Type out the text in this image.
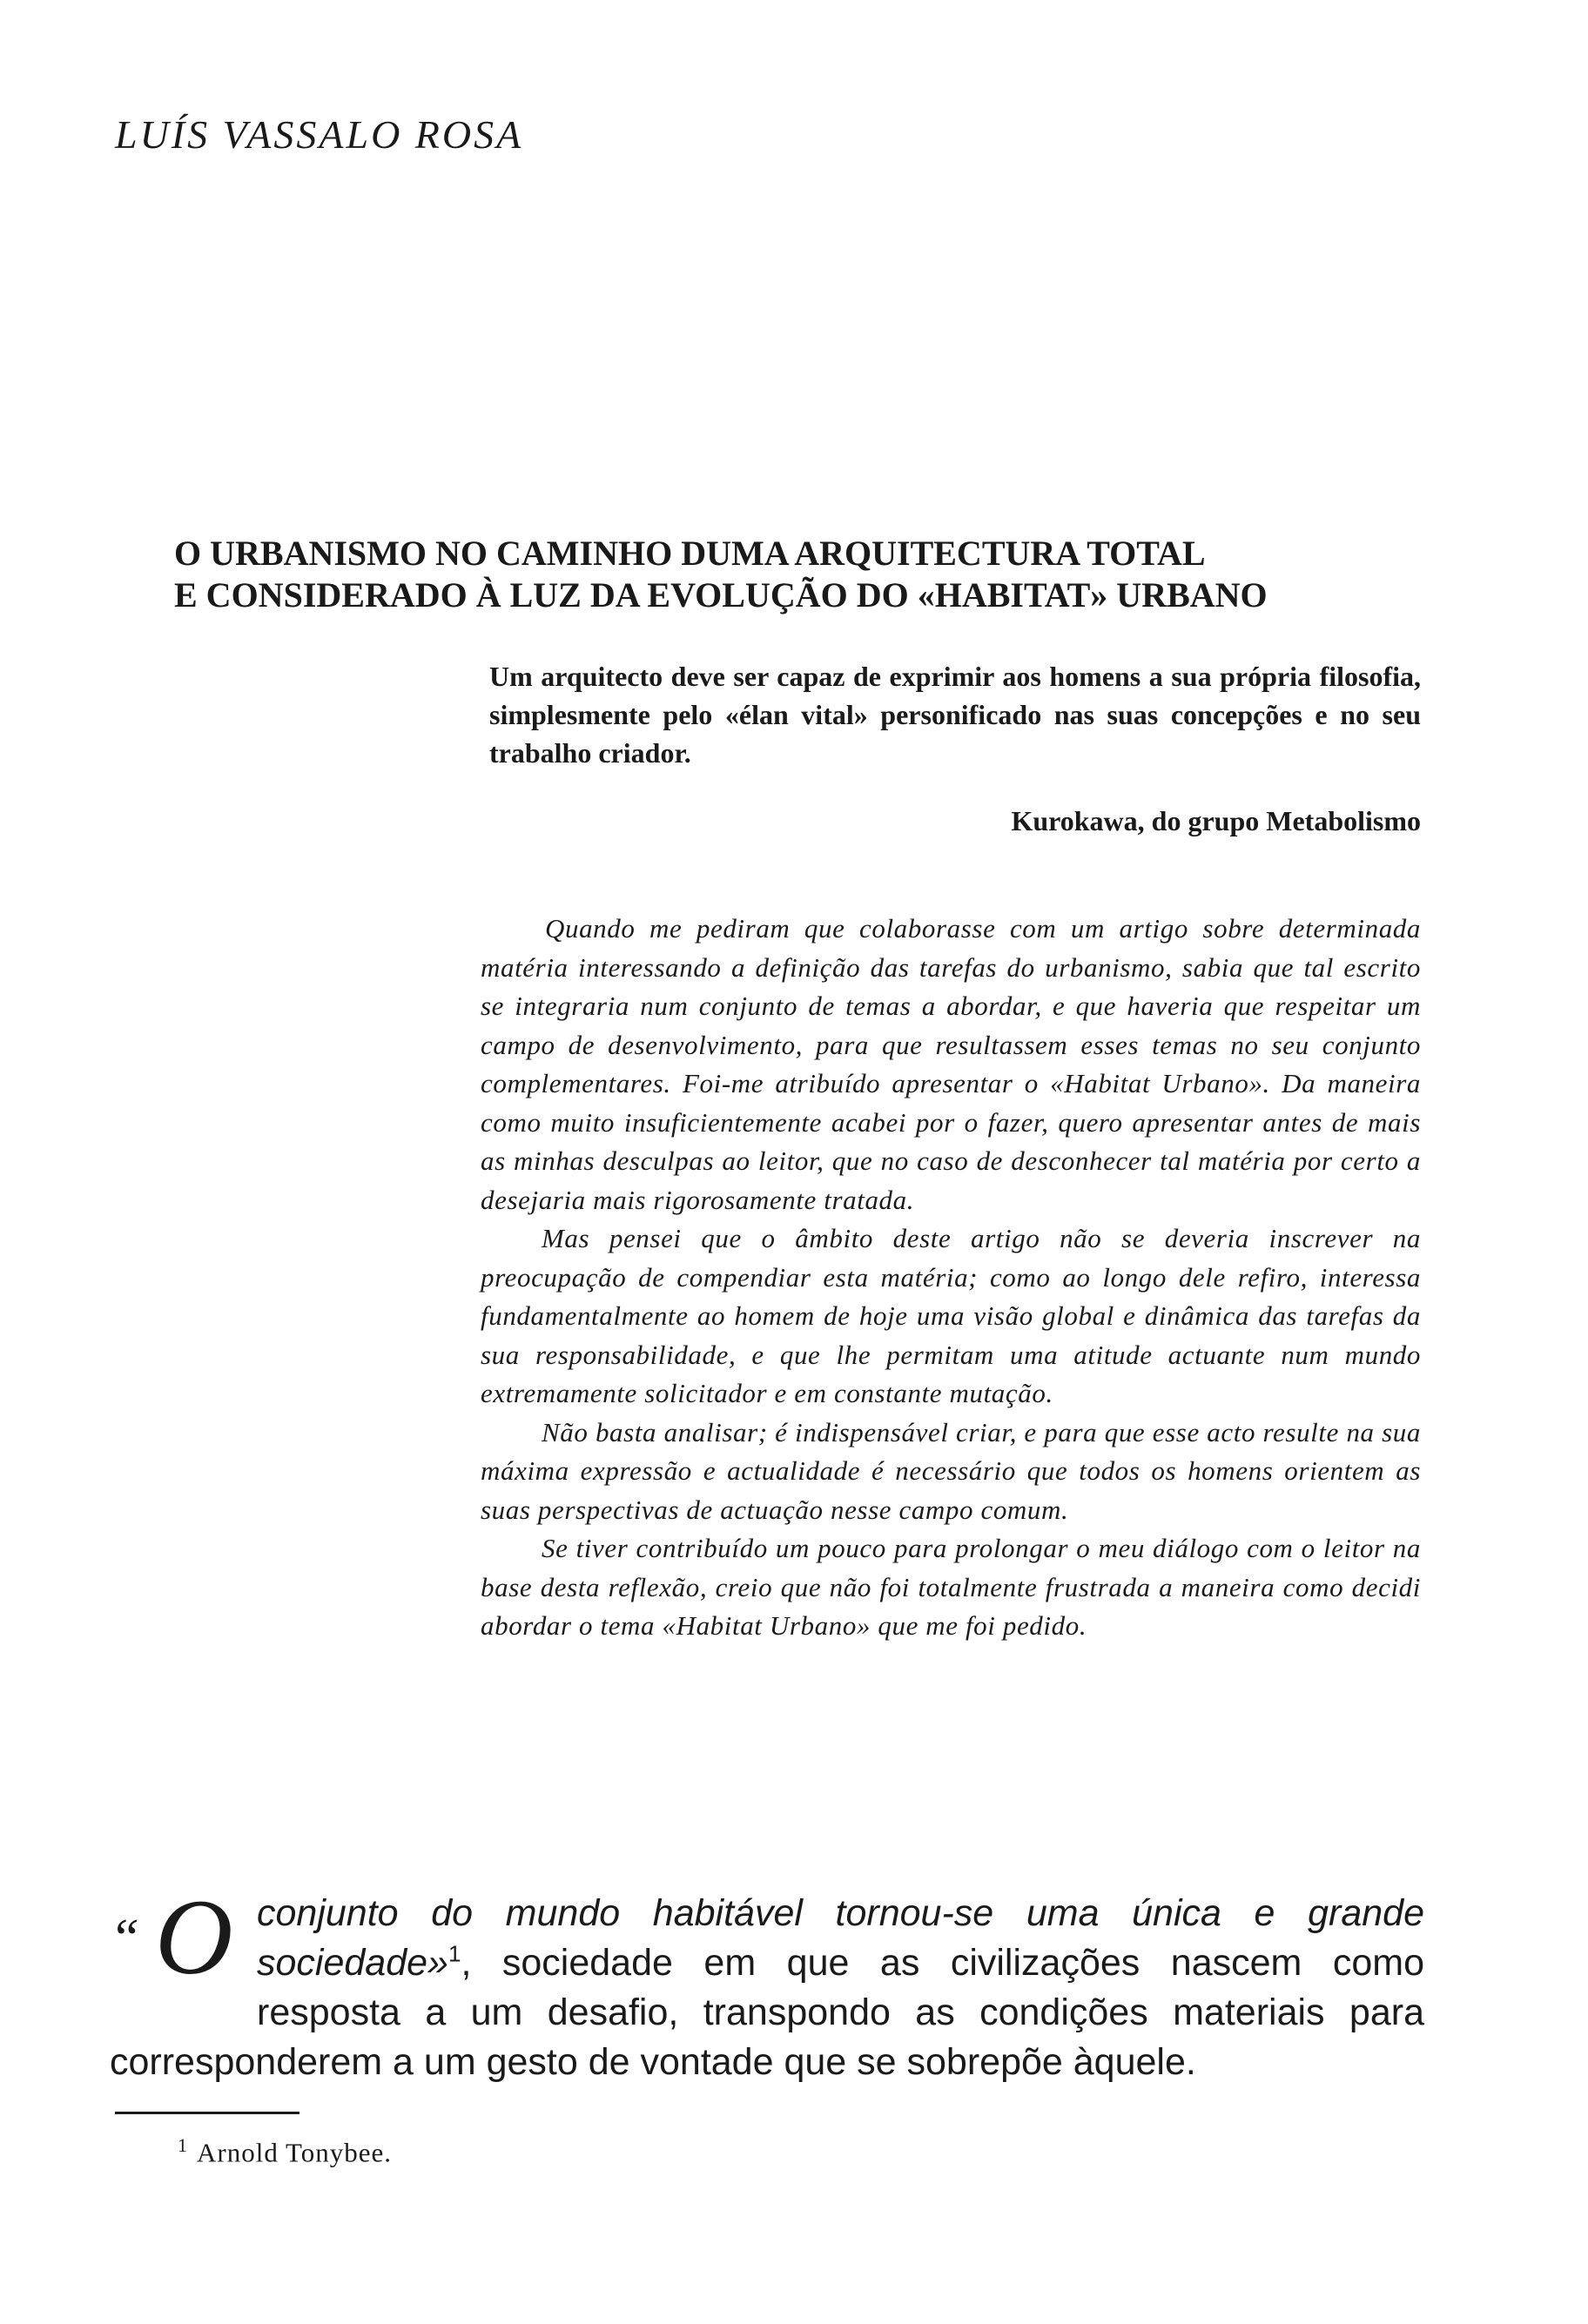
LUÍS VASSALO ROSA
O URBANISMO NO CAMINHO DUMA ARQUITECTURA TOTAL
E CONSIDERADO À LUZ DA EVOLUÇÃO DO «HABITAT» URBANO
Um arquitecto deve ser capaz de exprimir aos homens a sua própria filosofia, simplesmente pelo «élan vital» personificado nas suas concepções e no seu trabalho criador.
Kurokawa, do grupo Metabolismo

Quando me pediram que colaborasse com um artigo sobre determinada matéria interessando a definição das tarefas do urbanismo, sabia que tal escrito se integraria num conjunto de temas a abordar, e que haveria que respeitar um campo de desenvolvimento, para que resultassem esses temas no seu conjunto complementares. Foi-me atribuído apresentar o «Habitat Urbano». Da maneira como muito insuficientemente acabei por o fazer, quero apresentar antes de mais as minhas desculpas ao leitor, que no caso de desconhecer tal matéria por certo a desejaria mais rigorosamente tratada.

Mas pensei que o âmbito deste artigo não se deveria inscrever na preocupação de compendiar esta matéria; como ao longo dele refiro, interessa fundamentalmente ao homem de hoje uma visão global e dinâmica das tarefas da sua responsabilidade, e que lhe permitam uma atitude actuante num mundo extremamente solicitador e em constante mutação.

Não basta analisar; é indispensável criar, e para que esse acto resulte na sua máxima expressão e actualidade é necessário que todos os homens orientem as suas perspectivas de actuação nesse campo comum.

Se tiver contribuído um pouco para prolongar o meu diálogo com o leitor na base desta reflexão, creio que não foi totalmente frustrada a maneira como decidi abordar o tema «Habitat Urbano» que me foi pedido.

“ O conjunto do mundo habitável tornou-se uma única e grande sociedade»$^1$, sociedade em que as civilizações nascem como resposta a um desafio, transpondo as condições materiais para corresponderem a um gesto de vontade que se sobrepõe àquele.
$^1$ Arnold Tonybee.
